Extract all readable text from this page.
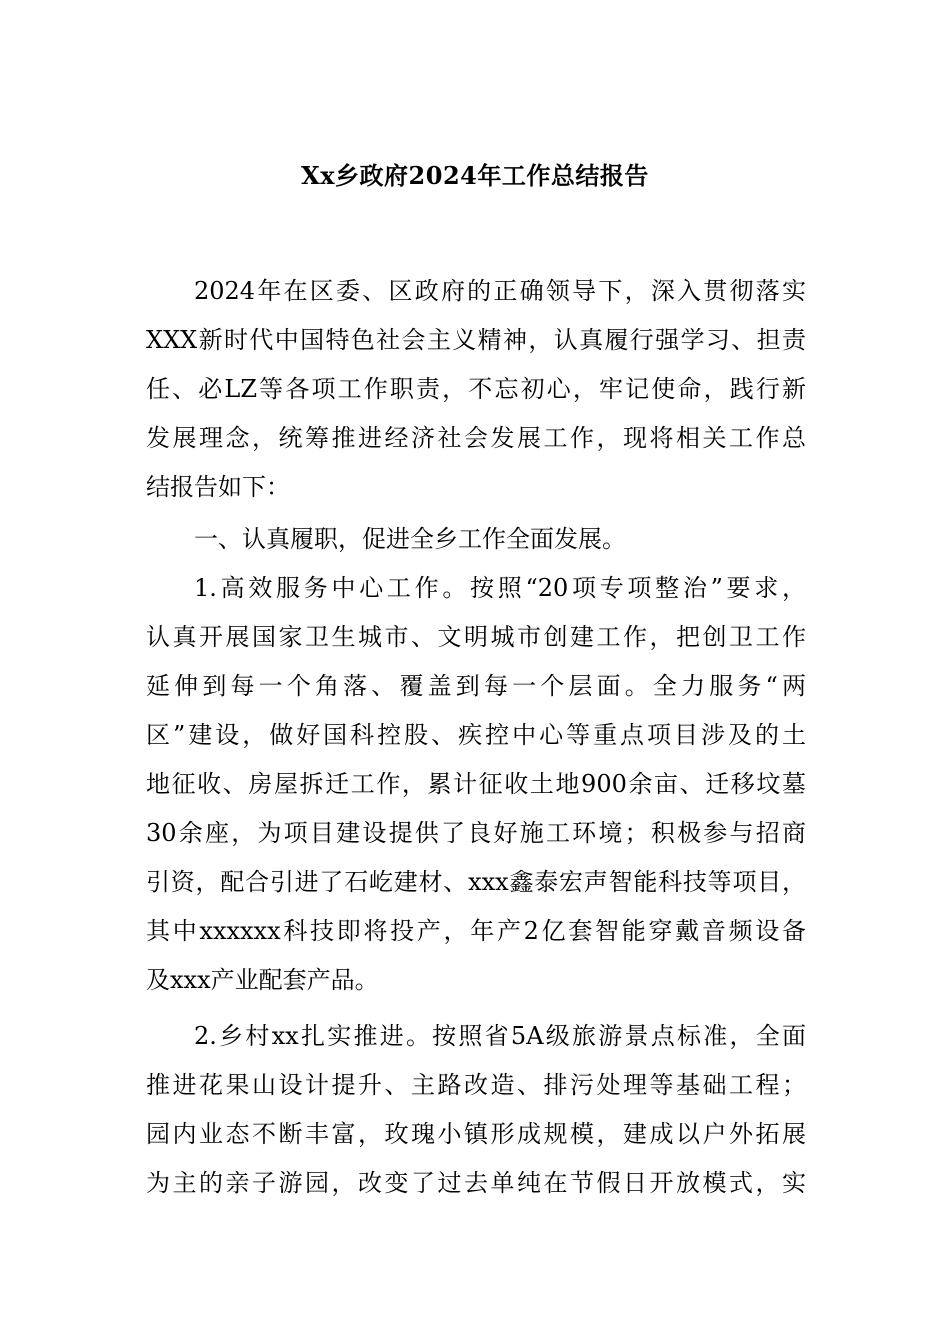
Xx乡政府2024年工作总结报告
2024年在区委、区政府的正确领导下，深入贯彻落实
XXX新时代中国特色社会主义精神，认真履行强学习、担责
任、必LZ等各项工作职责，不忘初心，牢记使命，践行新
发展理念，统筹推进经济社会发展工作，现将相关工作总
结报告如下：
一、认真履职，促进全乡工作全面发展。
1.高效服务中心工作。按照“20项专项整治”要求，
认真开展国家卫生城市、文明城市创建工作，把创卫工作
延伸到每一个角落、覆盖到每一个层面。全力服务“两
区”建设，做好国科控股、疾控中心等重点项目涉及的土
地征收、房屋拆迁工作，累计征收土地900余亩、迁移坟墓
30余座，为项目建设提供了良好施工环境；积极参与招商
引资，配合引进了石屹建材、xxx鑫泰宏声智能科技等项目，
其中xxxxxx科技即将投产，年产2亿套智能穿戴音频设备
及xxx产业配套产品。
2.乡村xx扎实推进。按照省5A级旅游景点标准，全面
推进花果山设计提升、主路改造、排污处理等基础工程；
园内业态不断丰富，玫瑰小镇形成规模，建成以户外拓展
为主的亲子游园，改变了过去单纯在节假日开放模式，实
